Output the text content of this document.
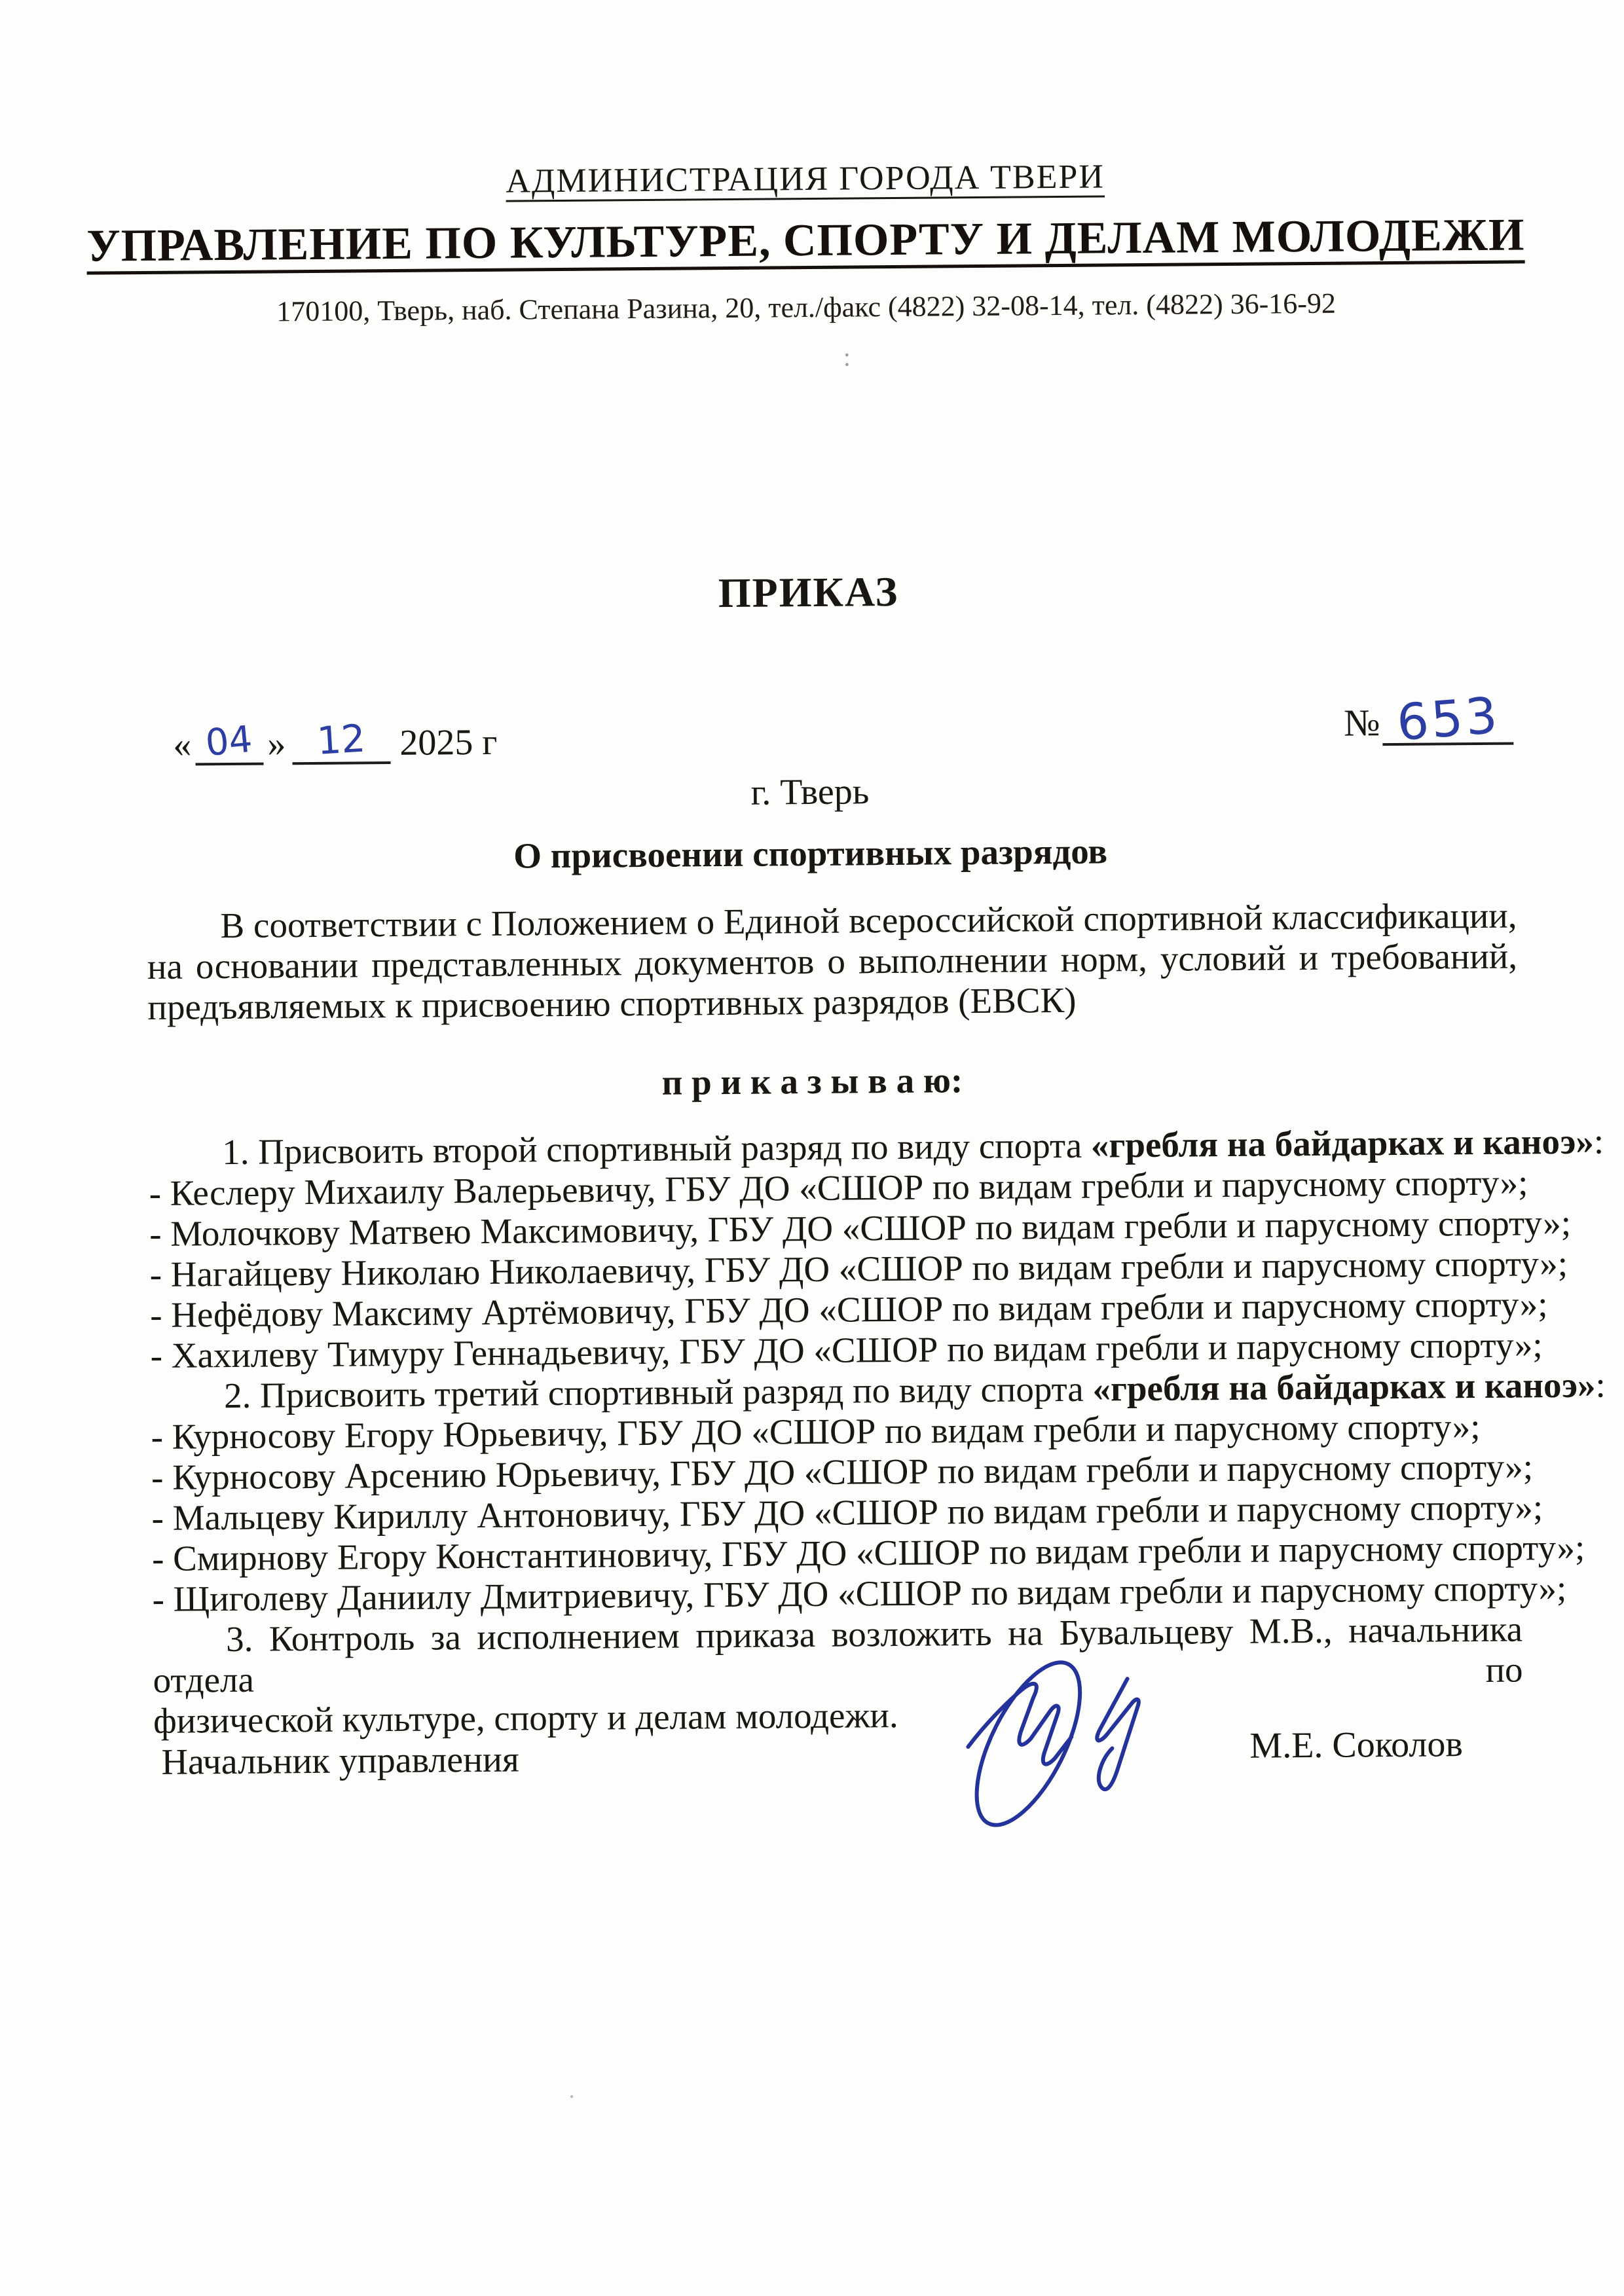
АДМИНИСТРАЦИЯ ГОРОДА ТВЕРИ
УПРАВЛЕНИЕ ПО КУЛЬТУРЕ, СПОРТУ И ДЕЛАМ МОЛОДЕЖИ
170100, Тверь, наб. Степана Разина, 20, тел./факс (4822) 32-08-14, тел. (4822) 36-16-92
:
ПРИКАЗ
« 04 » 12 2025 г	№ 653
г. Тверь
О присвоении спортивных разрядов
В соответствии с Положением о Единой всероссийской спортивной классификации,
на основании представленных документов о выполнении норм, условий и требований,
предъявляемых к присвоению спортивных разрядов (ЕВСК)
п р и к а з ы в а ю:
1. Присвоить второй спортивный разряд по виду спорта «гребля на байдарках и каноэ»:
- Кеслеру Михаилу Валерьевичу, ГБУ ДО «СШОР по видам гребли и парусному спорту»;
- Молочкову Матвею Максимовичу, ГБУ ДО «СШОР по видам гребли и парусному спорту»;
- Нагайцеву Николаю Николаевичу, ГБУ ДО «СШОР по видам гребли и парусному спорту»;
- Нефёдову Максиму Артёмовичу, ГБУ ДО «СШОР по видам гребли и парусному спорту»;
- Хахилеву Тимуру Геннадьевичу, ГБУ ДО «СШОР по видам гребли и парусному спорту»;
2. Присвоить третий спортивный разряд по виду спорта «гребля на байдарках и каноэ»:
- Курносову Егору Юрьевичу, ГБУ ДО «СШОР по видам гребли и парусному спорту»;
- Курносову Арсению Юрьевичу, ГБУ ДО «СШОР по видам гребли и парусному спорту»;
- Мальцеву Кириллу Антоновичу, ГБУ ДО «СШОР по видам гребли и парусному спорту»;
- Смирнову Егору Константиновичу, ГБУ ДО «СШОР по видам гребли и парусному спорту»;
- Щиголеву Даниилу Дмитриевичу, ГБУ ДО «СШОР по видам гребли и парусному спорту»;
3. Контроль за исполнением приказа возложить на Бувальцеву М.В., начальника отдела по
физической культуре, спорту и делам молодежи.
Начальник управления	М.Е. Соколов
.
